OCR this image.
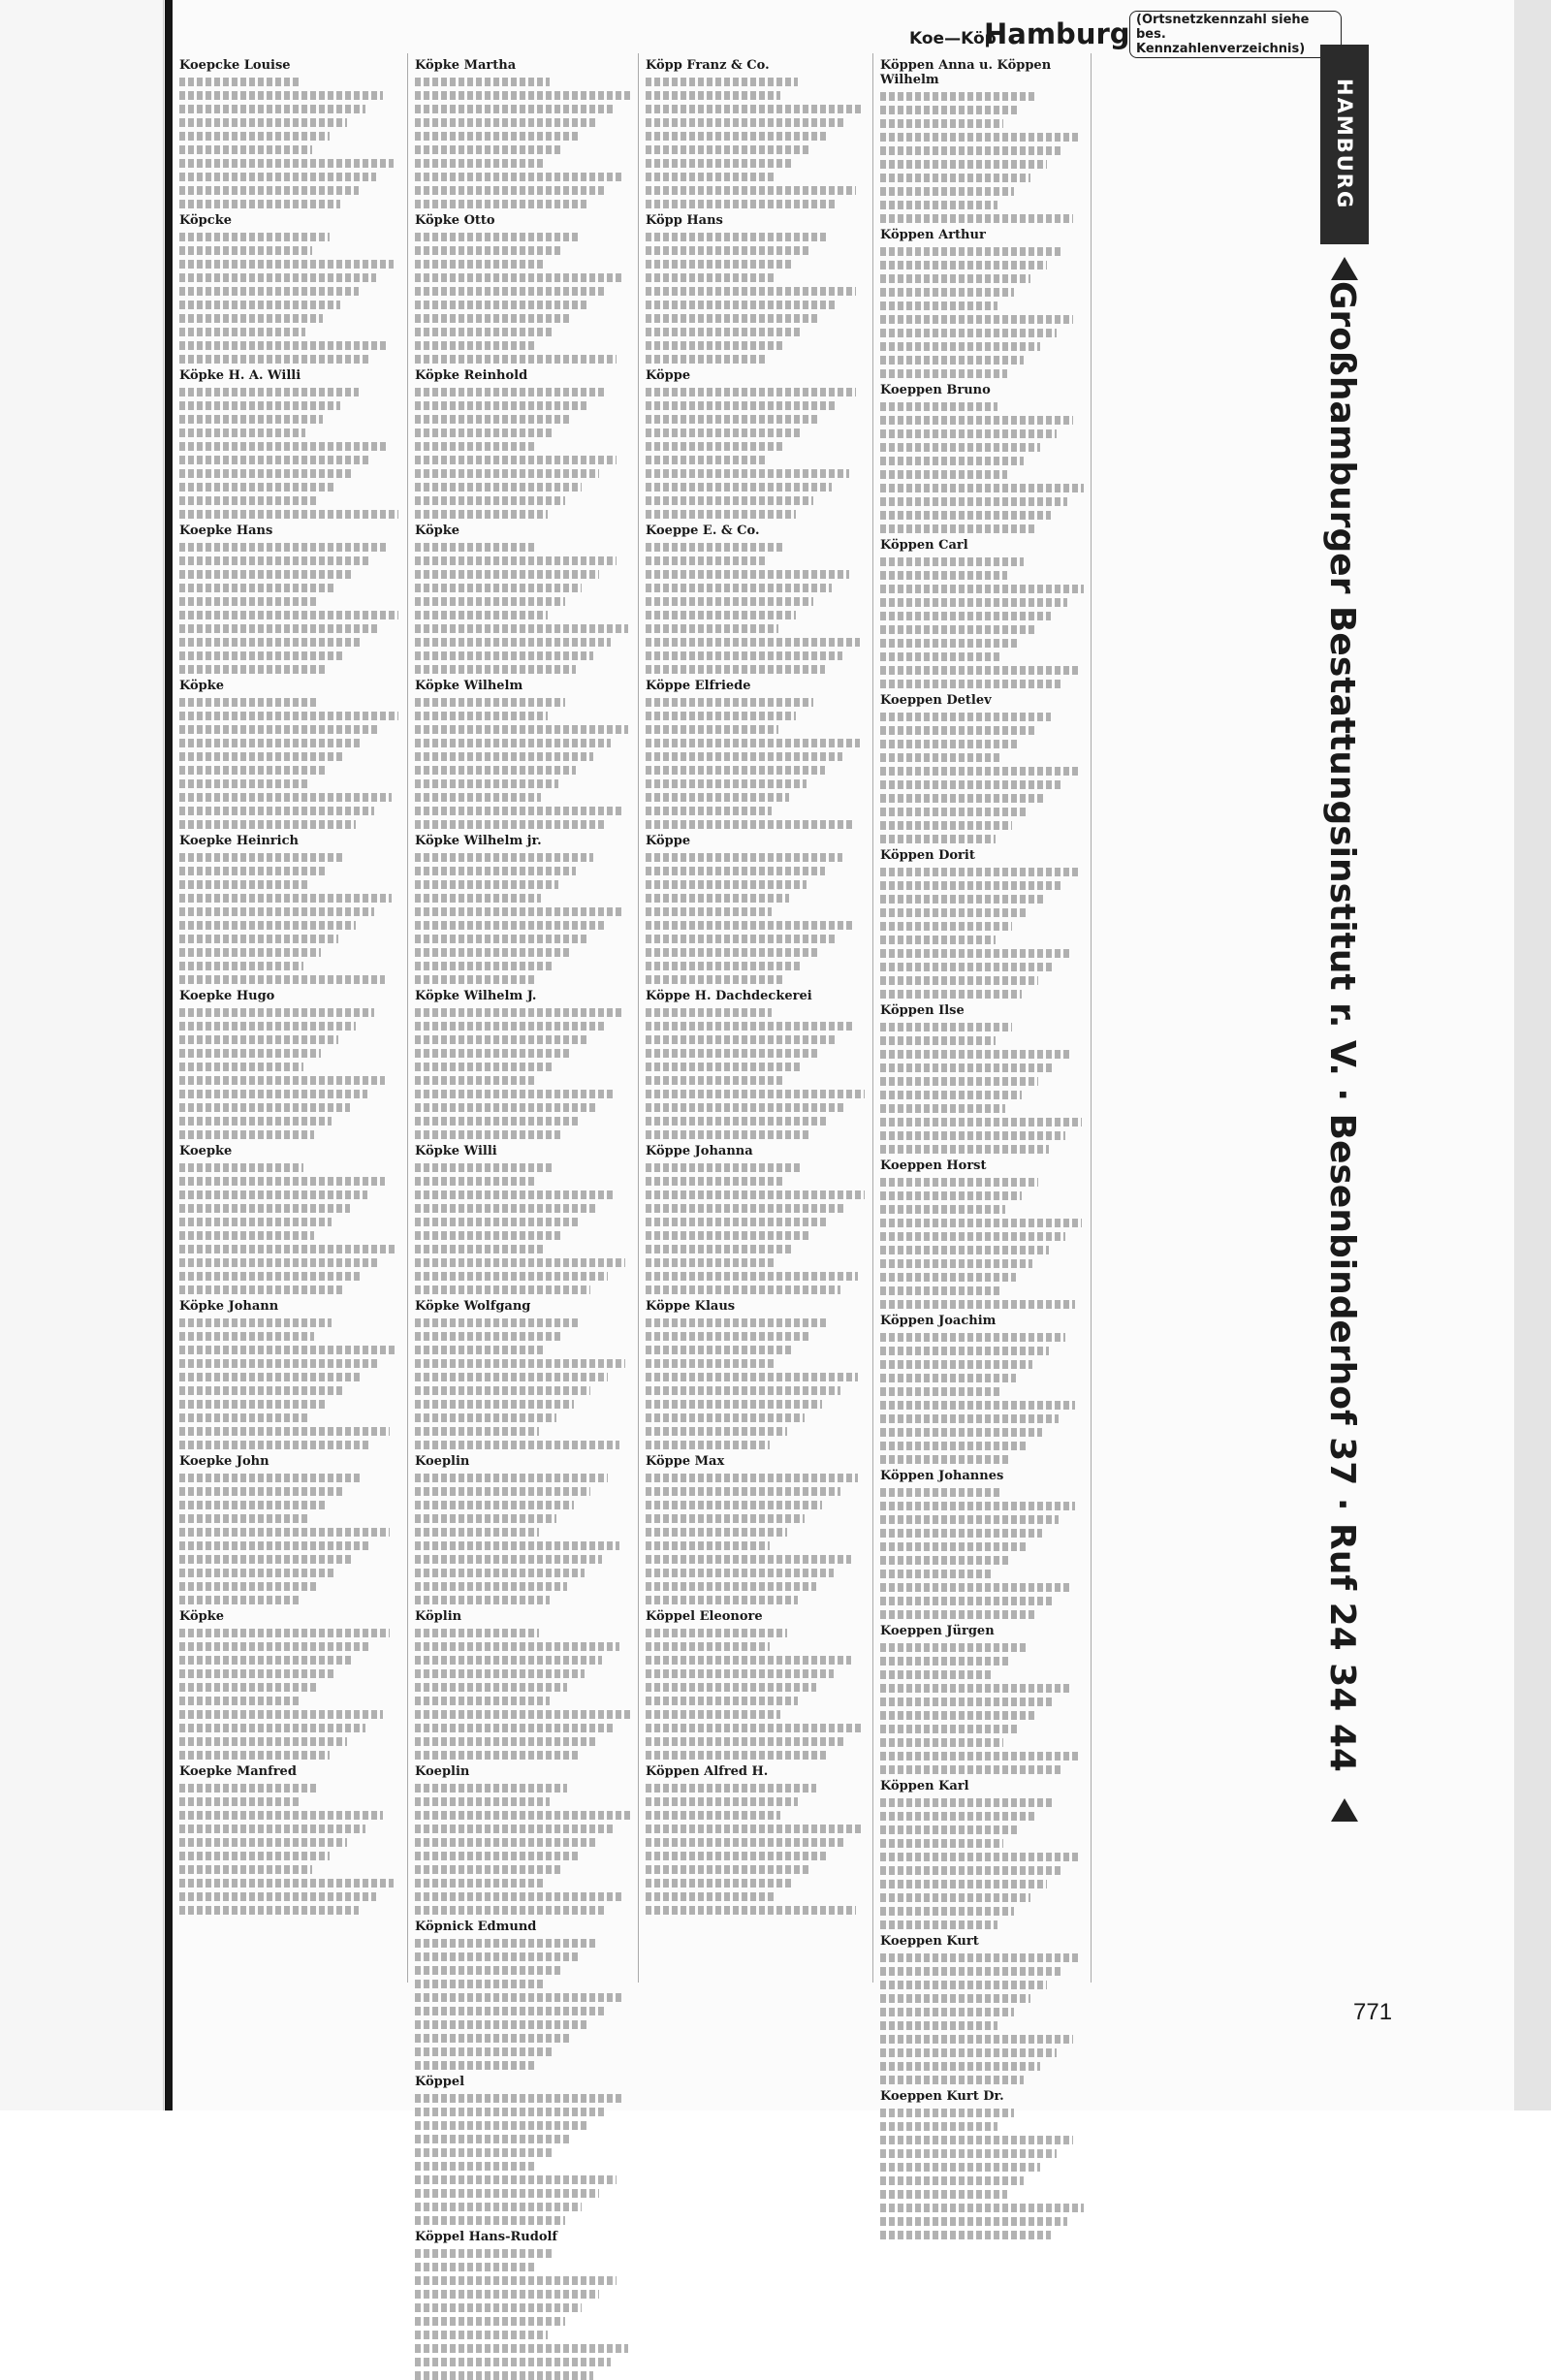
Koe—Köp
Hamburg (Ortsnetzkennzahl siehe bes. Kennzahlenverzeichnis)
HAMBURG
Großhamburger Bestattungsinstitut r. V. · Besenbinderhof 37 · Ruf 24 34 44
Koepcke Louise
Köpcke
Köpke H. A. Willi
Koepke Hans
Köpke
Koepke Heinrich
Koepke Hugo
Koepke
Köpke Johann
Koepke John
Köpke
Koepke Manfred
Köpke Martha
Köpke Otto
Köpke Reinhold
Köpke
Köpke Wilhelm
Köpke Wilhelm jr.
Köpke Wilhelm J.
Köpke Willi
Köpke Wolfgang
Koeplin
Köplin
Koeplin
Köpnick Edmund
Köppel
Köppel Hans-Rudolf
Köpp Franz & Co.
Köpp Hans
Köppe
Koeppe E. & Co.
Köppe Elfriede
Köppe
Köppe H. Dachdeckerei
Köppe Johanna
Köppe Klaus
Köppe Max
Köppel Eleonore
Köppen Alfred H.
Köppen Anna u. Köppen Wilhelm
Köppen Arthur
Koeppen Bruno
Köppen Carl
Koeppen Detlev
Köppen Dorit
Köppen Ilse
Koeppen Horst
Köppen Joachim
Köppen Johannes
Koeppen Jürgen
Köppen Karl
Koeppen Kurt
Koeppen Kurt Dr.
771
